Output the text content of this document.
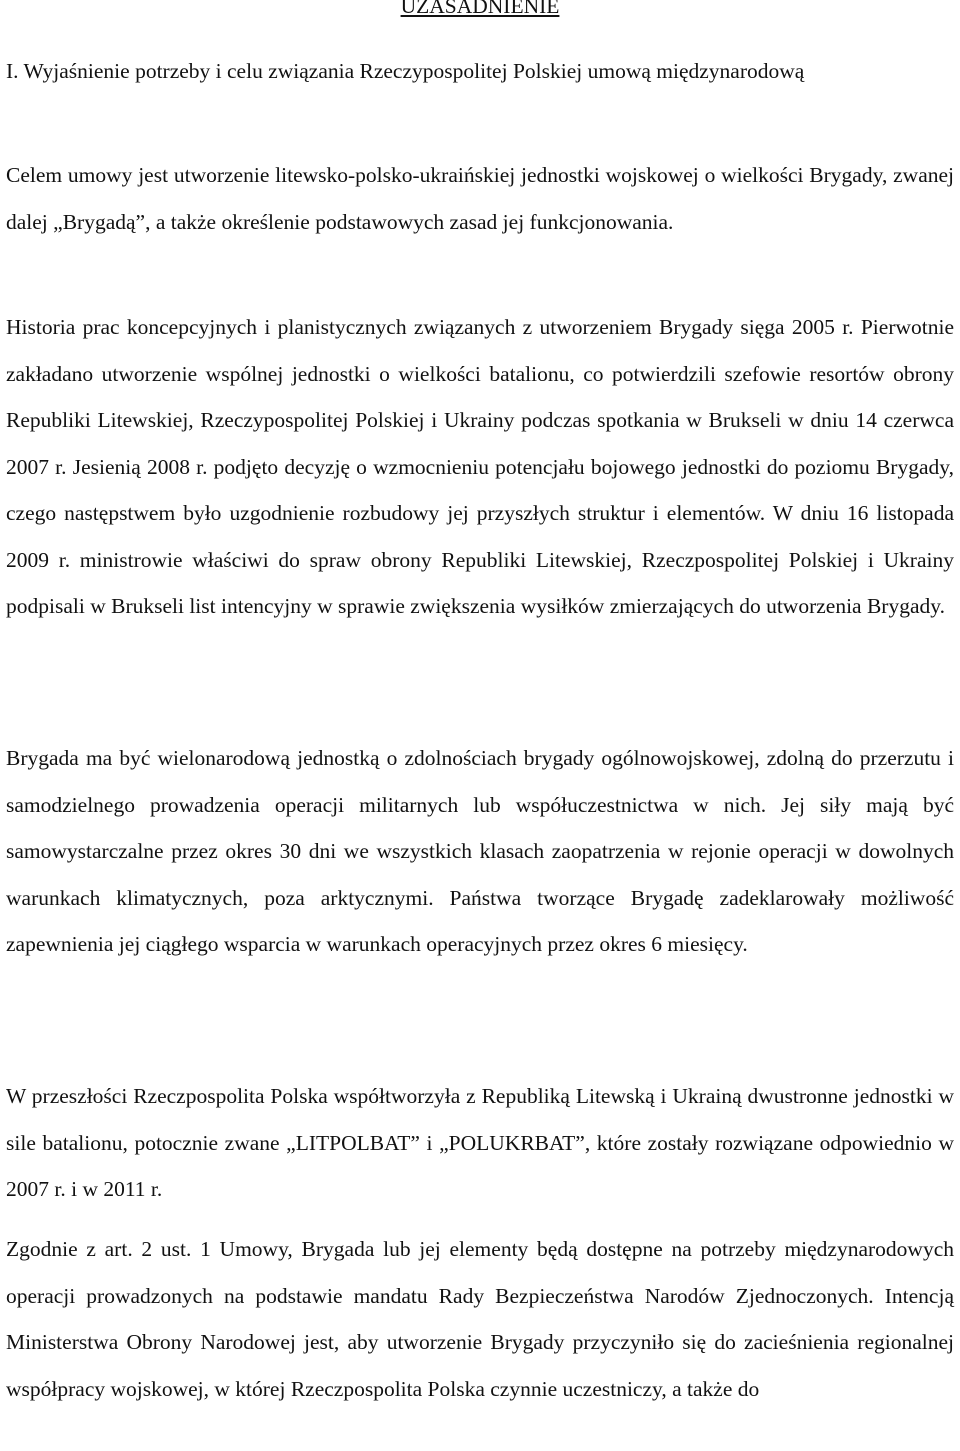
UZASADNIENIE

I. Wyjaśnienie potrzeby i celu związania Rzeczypospolitej Polskiej umową międzynarodową

Celem umowy jest utworzenie litewsko-polsko-ukraińskiej jednostki wojskowej o wielkości Brygady, zwanej dalej „Brygadą”, a także określenie podstawowych zasad jej funkcjonowania.

Historia prac koncepcyjnych i planistycznych związanych z utworzeniem Brygady sięga 2005 r. Pierwotnie zakładano utworzenie wspólnej jednostki o wielkości batalionu, co potwierdzili szefowie resortów obrony Republiki Litewskiej, Rzeczypospolitej Polskiej i Ukrainy podczas spotkania w Brukseli w dniu 14 czerwca 2007 r. Jesienią 2008 r. podjęto decyzję o wzmocnieniu potencjału bojowego jednostki do poziomu Brygady, czego następstwem było uzgodnienie rozbudowy jej przyszłych struktur i elementów. W dniu 16 listopada 2009 r. ministrowie właściwi do spraw obrony Republiki Litewskiej, Rzeczpospolitej Polskiej i Ukrainy podpisali w Brukseli list intencyjny w sprawie zwiększenia wysiłków zmierzających do utworzenia Brygady.

Brygada ma być wielonarodową jednostką o zdolnościach brygady ogólnowojskowej, zdolną do przerzutu i samodzielnego prowadzenia operacji militarnych lub współuczestnictwa w nich. Jej siły mają być samowystarczalne przez okres 30 dni we wszystkich klasach zaopatrzenia w rejonie operacji w dowolnych warunkach klimatycznych, poza arktycznymi. Państwa tworzące Brygadę zadeklarowały możliwość zapewnienia jej ciągłego wsparcia w warunkach operacyjnych przez okres 6 miesięcy.

W przeszłości Rzeczpospolita Polska współtworzyła z Republiką Litewską i Ukrainą dwustronne jednostki w sile batalionu, potocznie zwane „LITPOLBAT” i „POLUKRBAT”, które zostały rozwiązane odpowiednio w 2007 r. i w 2011 r.

Zgodnie z art. 2 ust. 1 Umowy, Brygada lub jej elementy będą dostępne na potrzeby międzynarodowych operacji prowadzonych na podstawie mandatu Rady Bezpieczeństwa Narodów Zjednoczonych. Intencją Ministerstwa Obrony Narodowej jest, aby utworzenie Brygady przyczyniło się do zacieśnienia regionalnej współpracy wojskowej, w której Rzeczpospolita Polska czynnie uczestniczy, a także do
